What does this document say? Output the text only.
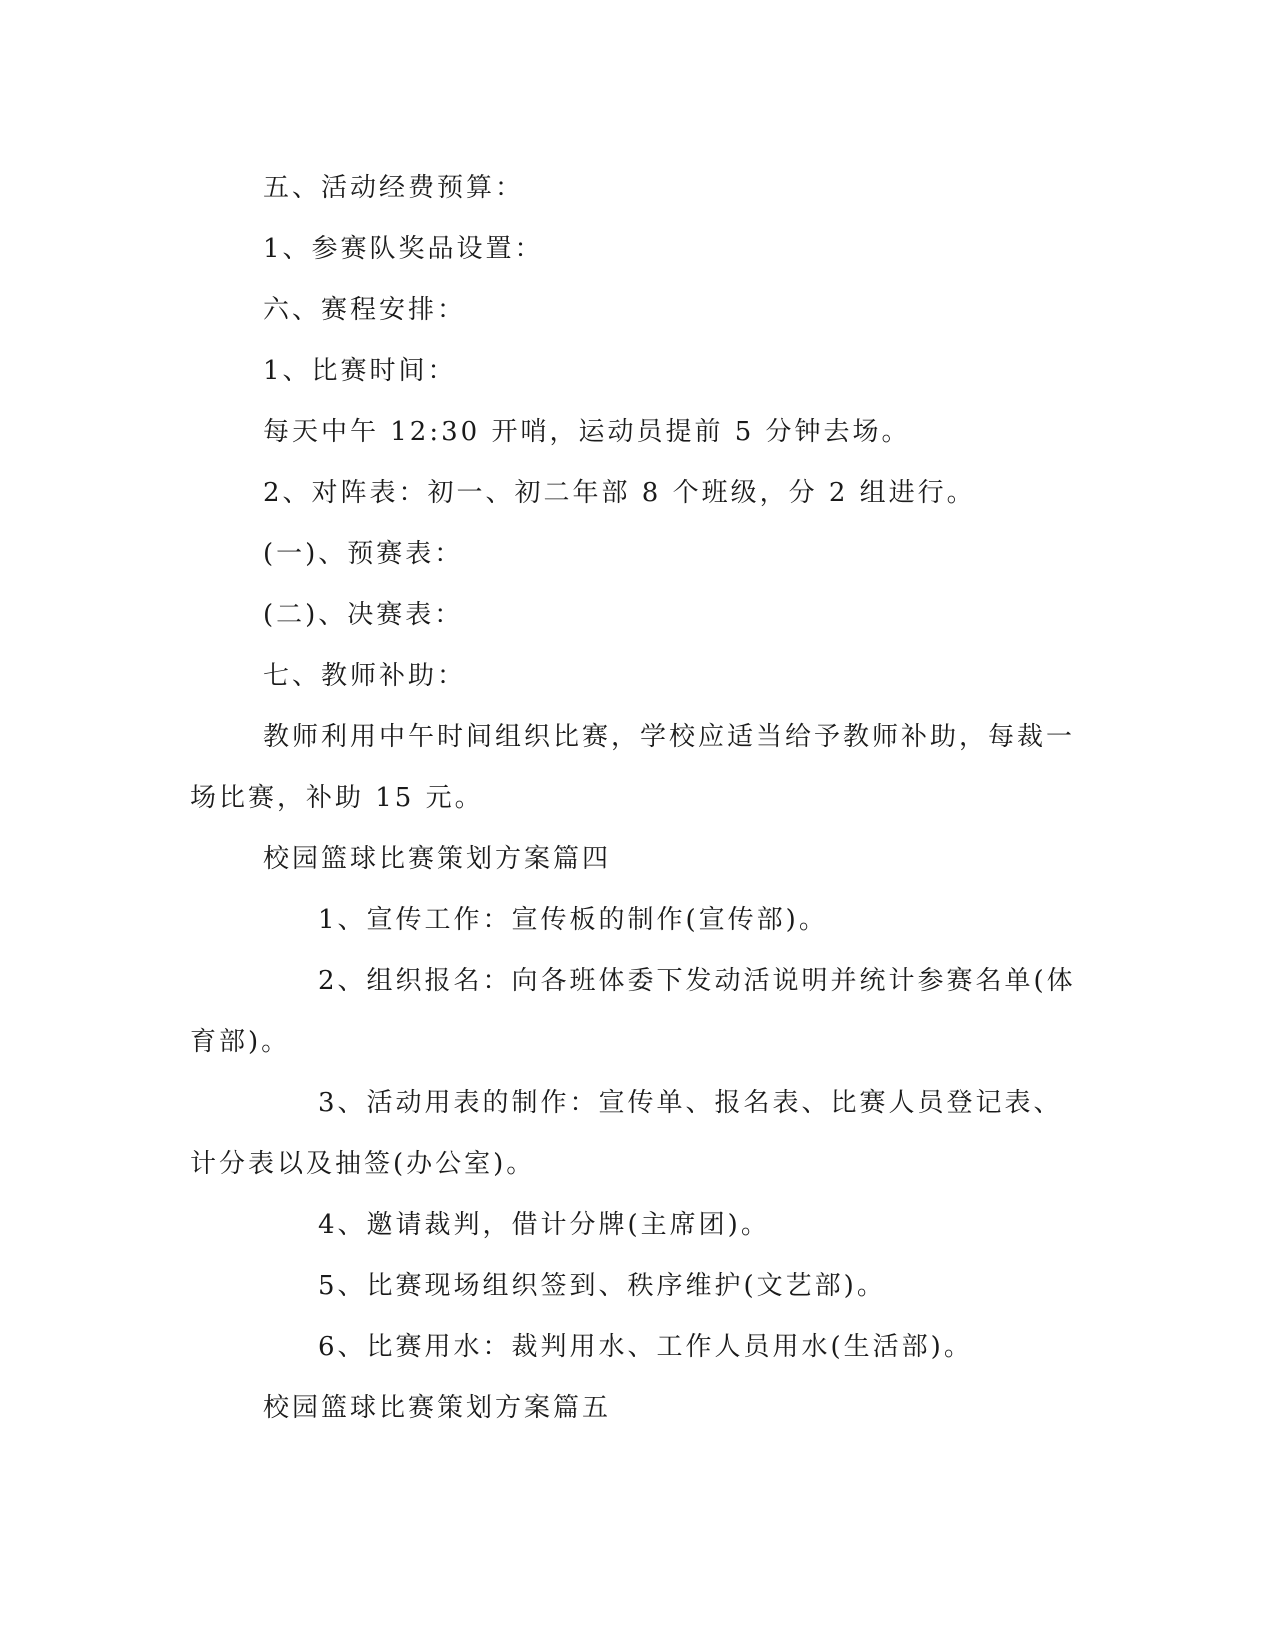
五、活动经费预算：
1、参赛队奖品设置：
六、赛程安排：
1、比赛时间：
每天中午 12:30 开哨，运动员提前 5 分钟去场。
2、对阵表：初一、初二年部 8 个班级，分 2 组进行。
(一)、预赛表：
(二)、决赛表：
七、教师补助：
教师利用中午时间组织比赛，学校应适当给予教师补助，每裁一
场比赛，补助 15 元。
校园篮球比赛策划方案篇四
1、宣传工作：宣传板的制作(宣传部)。
2、组织报名：向各班体委下发动活说明并统计参赛名单(体
育部)。
3、活动用表的制作：宣传单、报名表、比赛人员登记表、
计分表以及抽签(办公室)。
4、邀请裁判，借计分牌(主席团)。
5、比赛现场组织签到、秩序维护(文艺部)。
6、比赛用水：裁判用水、工作人员用水(生活部)。
校园篮球比赛策划方案篇五
